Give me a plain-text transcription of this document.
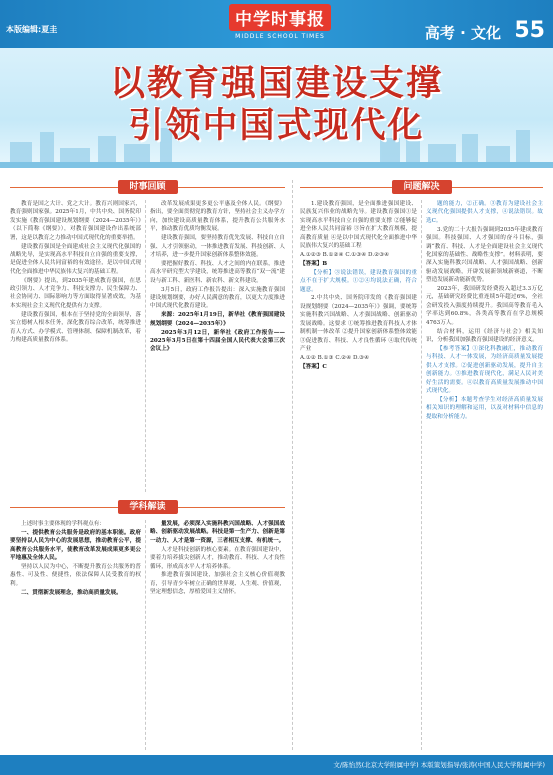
本版编辑:夏圭	中学时事报
MIDDLE SCHOOL TIMES	高考 · 文化 55
以教育强国建设支撑
引领中国式现代化
时事回顾	问题解决

教育是国之大计、党之大计。教育兴则国家兴，教育强则国家强。2025年1月，中共中央、国务院印发实施《教育强国建设规划纲要（2024—2035年）》（以下简称《纲要》），对教育强国建设作出系统部署，这是以教育之力推动中国式现代化的重要举措。

建设教育强国是全面建成社会主义现代化强国的战略先导，是实现高水平科技自立自强的重要支撑，是促进全体人民共同富裕的有效途径，是以中国式现代化全面推进中华民族伟大复兴的基础工程。

《纲要》提出，到2035年建成教育强国，在思政引领力、人才竞争力、科技支撑力、民生保障力、社会协同力、国际影响力等方面取得显著成效，为基本实现社会主义现代化提供有力支撑。

建设教育强国，根本在于坚持党的全面领导，落实立德树人根本任务，深化教育综合改革，统筹推进育人方式、办学模式、管理体制、保障机制改革，着力构建高质量教育体系。

改革发展成果更多更公平惠及全体人民。《纲要》指出，要全面贯彻党的教育方针，坚持社会主义办学方向，加快建设高质量教育体系，提升教育公共服务水平，推动教育优质均衡发展。

建设教育强国，要坚持教育优先发展、科技自立自强、人才引领驱动，一体推进教育发展、科技创新、人才培养，进一步提升国家创新体系整体效能。

要把握好教育、科技、人才之间的内在联系，推进高水平研究型大学建设，统筹推进高等教育“双一流”建设与新工科、新医科、新农科、新文科建设。

3月5日，政府工作报告提出：深入实施教育强国建设规划纲要，办好人民满意的教育，以更大力度推进中国式现代化教育建设。

来源：2025年1月19日，新华社《教育强国建设规划纲要（2024—2035年）》

2025年3月12日，新华社《政府工作报告——2025年3月5日在第十四届全国人民代表大会第三次会议上》

学科解读

上述时事主要体现的学科观点有：

一、提供教育公共服务是政府的基本职能。政府要坚持以人民为中心的发展思想，推动教育公平，提高教育公共服务水平，使教育改革发展成果更多更公平地惠及全体人民。

坚持以人民为中心，不断提升教育公共服务的普惠性、可及性、便捷性，依法保障人民受教育的权利。

二、贯彻新发展理念，推动高质量发展。

量发展，必须深入实施科教兴国战略、人才强国战略、创新驱动发展战略。科技是第一生产力、创新是第一动力、人才是第一资源，三者相互支撑、有机统一。

人才是科技创新的核心要素。在教育强国建设中，要着力培养拔尖创新人才，推动教育、科技、人才良性循环，形成高水平人才培养体系。

推进教育强国建设，加强社会主义核心价值观教育，引导青少年树立正确的世界观、人生观、价值观，坚定理想信念，厚植爱国主义情怀。

1.建设教育强国，是全面推进强国建设、民族复兴伟业的战略先导。建设教育强国①是实现高水平科技自立自强的重要支撑 ②能够促进全体人民共同富裕 ③旨在扩大教育规模，提高教育质量 ④是以中国式现代化全面推进中华民族伟大复兴的基础工程

A.①②③ B.①②④ C.①③④ D.②③④

【答案】B

【分析】③说法错误，建设教育强国的重点不在于扩大规模。①②④均说法正确，符合题意。

2.中共中央、国务院印发的《教育强国建设规划纲要（2024—2035年）》强调，要统筹实施科教兴国战略、人才强国战略、创新驱动发展战略。这要求 ①统筹推进教育科技人才体制机制一体改革 ②提升国家创新体系整体效能 ③促进教育、科技、人才良性循环 ④取代传统产业

A.①② B.①③ C.②④ D.③④

【答案】C

题的能力，②正确。③教育为建设社会主义现代化强国提供人才支撑，④说法错误。故选C。

3.党的二十大报告强调到2035年建成教育强国。科技强国、人才强国的奋斗目标，强调“教育、科技、人才是全面建设社会主义现代化国家的基础性、战略性支撑”。材料表明，要深入实施科教兴国战略、人才强国战略、创新驱动发展战略，开辟发展新领域新赛道，不断塑造发展新动能新优势。

2023年，我国研发经费投入超过3.3万亿元，基础研究经费比重连续5年超过6%，全社会研发投入强度持续提升。我国高等教育毛入学率达到60.8%，各类高等教育在学总规模4763万人。

结合材料，运用《经济与社会》相关知识，分析我国加强教育强国建设的经济意义。

【参考答案】①深化科教融汇，推动教育与科技、人才一体发展，为经济高质量发展提供人才支撑。②促进创新驱动发展，提升自主创新能力。③推进教育现代化，满足人民对美好生活的需要。④以教育高质量发展推动中国式现代化。

【分析】本题考查学生对经济高质量发展相关知识的理解和运用，以及对材料中信息的提取和分析能力。

文/陈怡然(北京大学附属中学) 本版策划指导/张涛(中国人民大学附属中学)
